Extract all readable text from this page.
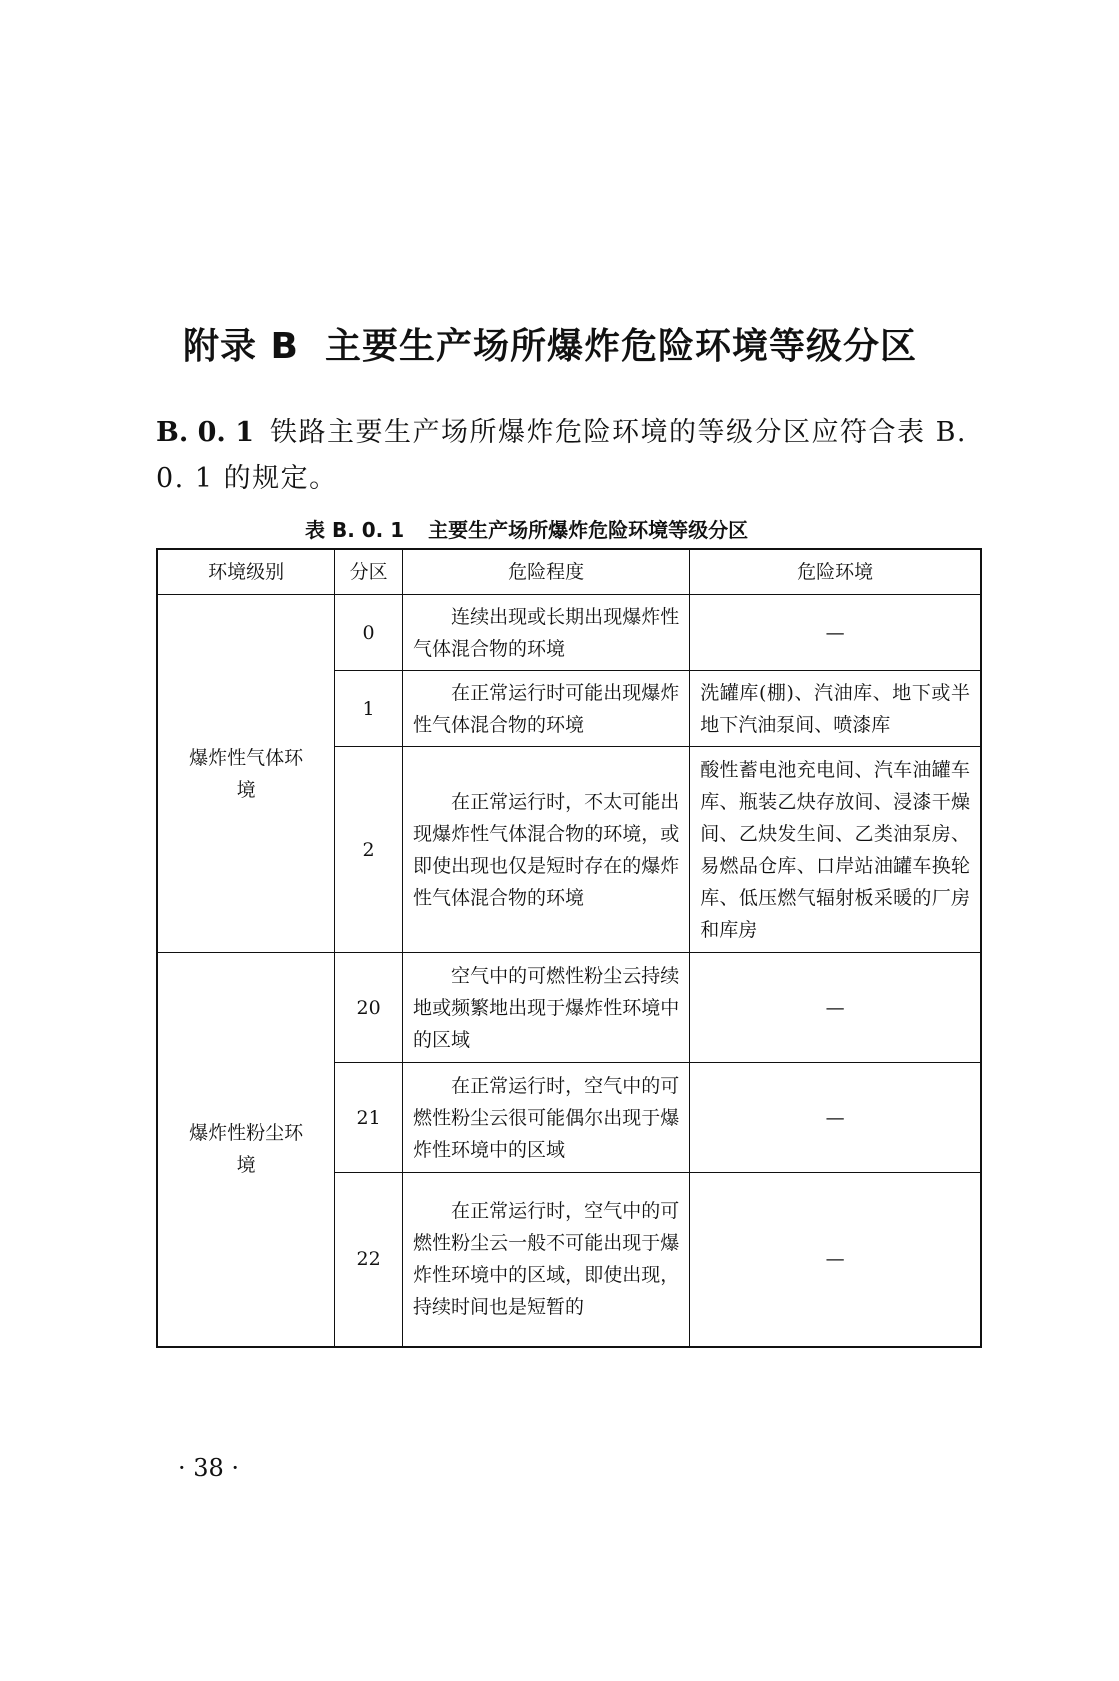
附录 B 主要生产场所爆炸危险环境等级分区
B. 0. 1 铁路主要生产场所爆炸危险环境的等级分区应符合表 B. 0. 1 的规定。
表 B. 0. 1 主要生产场所爆炸危险环境等级分区
环境级别	分区	危险程度	危险环境
爆炸性气体环境	0	连续出现或长期出现爆炸性气体混合物的环境	—
	1	在正常运行时可能出现爆炸性气体混合物的环境	洗罐库(棚)、汽油库、地下或半地下汽油泵间、喷漆库
	2	在正常运行时，不太可能出现爆炸性气体混合物的环境，或即使出现也仅是短时存在的爆炸性气体混合物的环境	酸性蓄电池充电间、汽车油罐车库、瓶装乙炔存放间、浸漆干燥间、乙炔发生间、乙类油泵房、易燃品仓库、口岸站油罐车换轮库、低压燃气辐射板采暖的厂房和库房
爆炸性粉尘环境	20	空气中的可燃性粉尘云持续地或频繁地出现于爆炸性环境中的区域	—
	21	在正常运行时，空气中的可燃性粉尘云很可能偶尔出现于爆炸性环境中的区域	—
	22	在正常运行时，空气中的可燃性粉尘云一般不可能出现于爆炸性环境中的区域，即使出现，持续时间也是短暂的	—
· 38 ·
